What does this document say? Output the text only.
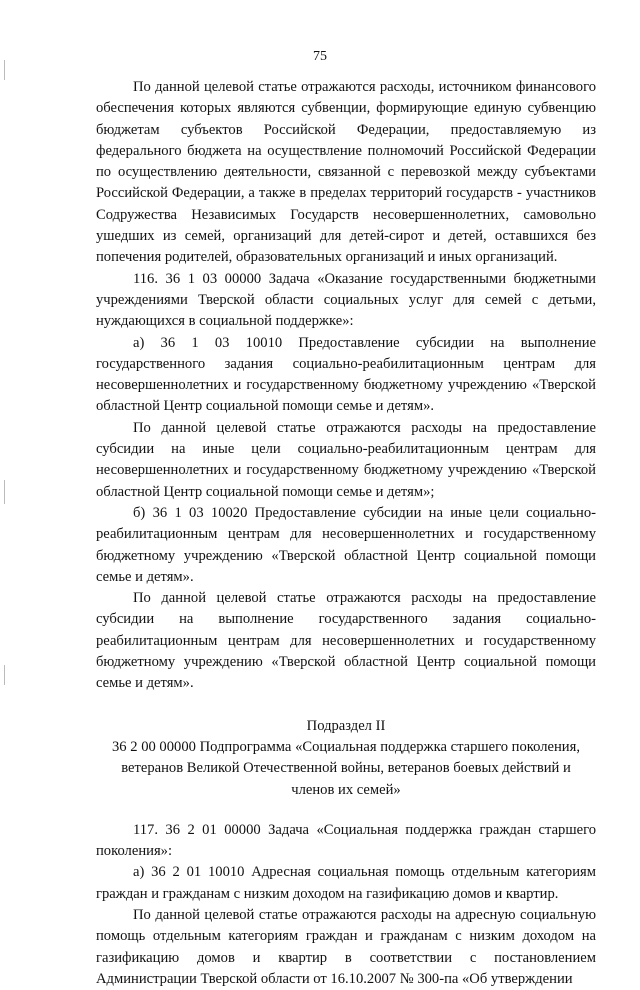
75

По данной целевой статье отражаются расходы, источником финансового обеспечения которых являются субвенции, формирующие единую субвенцию бюджетам субъектов Российской Федерации, предоставляемую из федерального бюджета на осуществление полномочий Российской Федерации по осуществлению деятельности, связанной с перевозкой между субъектами Российской Федерации, а также в пределах территорий государств - участников Содружества Независимых Государств несовершеннолетних, самовольно ушедших из семей, организаций для детей-сирот и детей, оставшихся без попечения родителей, образовательных организаций и иных организаций.

116. 36 1 03 00000 Задача «Оказание государственными бюджетными учреждениями Тверской области социальных услуг для семей с детьми, нуждающихся в социальной поддержке»:

а) 36 1 03 10010 Предоставление субсидии на выполнение государственного задания социально-реабилитационным центрам для несовершеннолетних и государственному бюджетному учреждению «Тверской областной Центр социальной помощи семье и детям».

По данной целевой статье отражаются расходы на предоставление субсидии на иные цели социально-реабилитационным центрам для несовершеннолетних и государственному бюджетному учреждению «Тверской областной Центр социальной помощи семье и детям»;

б) 36 1 03 10020 Предоставление субсидии на иные цели социально-реабилитационным центрам для несовершеннолетних и государственному бюджетному учреждению «Тверской областной Центр социальной помощи семье и детям».

По данной целевой статье отражаются расходы на предоставление субсидии на выполнение государственного задания социально-реабилитационным центрам для несовершеннолетних и государственному бюджетному учреждению «Тверской областной Центр социальной помощи семье и детям».

Подраздел II

36 2 00 00000 Подпрограмма «Социальная поддержка старшего поколения, ветеранов Великой Отечественной войны, ветеранов боевых действий и членов их семей»

117. 36 2 01 00000 Задача «Социальная поддержка граждан старшего поколения»:

а) 36 2 01 10010 Адресная социальная помощь отдельным категориям граждан и гражданам с низким доходом на газификацию домов и квартир.

По данной целевой статье отражаются расходы на адресную социальную помощь отдельным категориям граждан и гражданам с низким доходом на газификацию домов и квартир в соответствии с постановлением Администрации Тверской области от 16.10.2007 № 300-па «Об утверждении
